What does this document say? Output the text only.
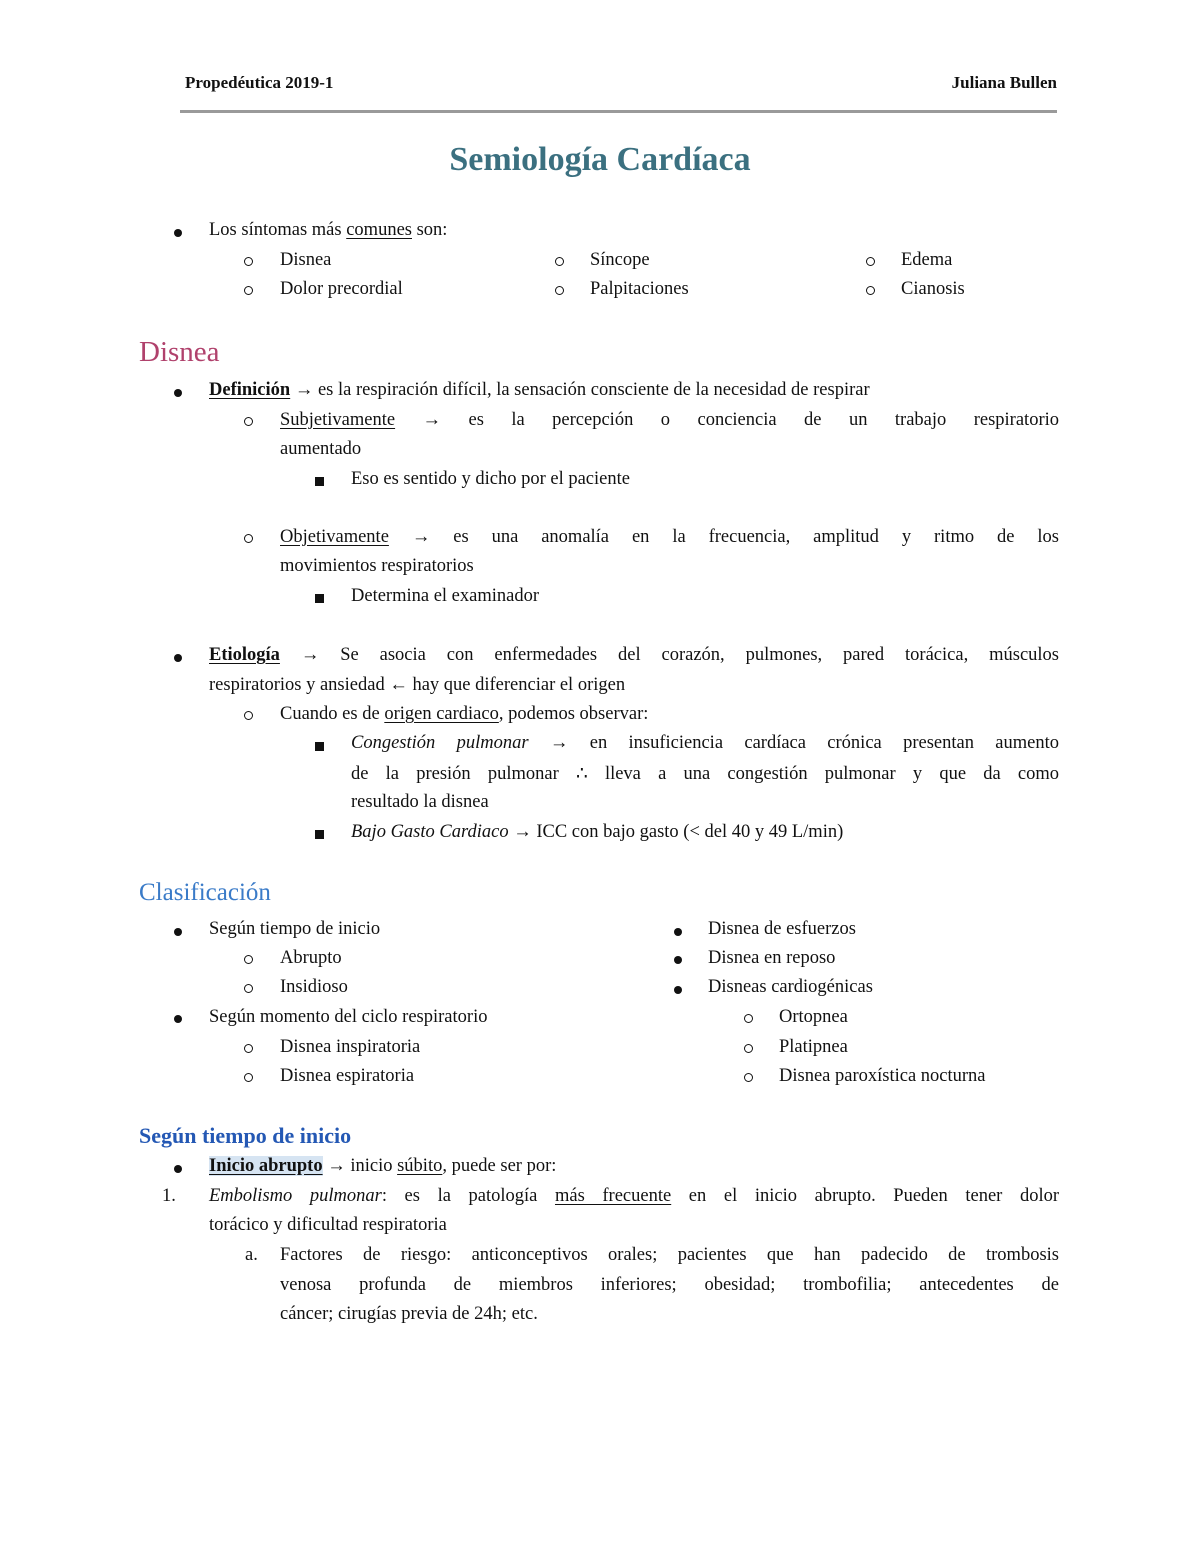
Propedéutica 2019-1	Juliana Bullen
Semiología Cardíaca
Los síntomas más comunes son:
Disnea
Dolor precordial
Síncope
Palpitaciones
Edema
Cianosis
Disnea
Definición → es la respiración difícil, la sensación consciente de la necesidad de respirar
Subjetivamente → es la percepción o conciencia de un trabajo respiratorio
aumentado
Eso es sentido y dicho por el paciente
Objetivamente → es una anomalía en la frecuencia, amplitud y ritmo de los
movimientos respiratorios
Determina el examinador
Etiología → Se asocia con enfermedades del corazón, pulmones, pared torácica, músculos
respiratorios y ansiedad ← hay que diferenciar el origen
Cuando es de origen cardiaco, podemos observar:
Congestión pulmonar → en insuficiencia cardíaca crónica presentan aumento
de la presión pulmonar ∴ lleva a una congestión pulmonar y que da como
resultado la disnea
Bajo Gasto Cardiaco → ICC con bajo gasto (< del 40 y 49 L/min)
Clasificación
Según tiempo de inicio
Abrupto
Insidioso
Según momento del ciclo respiratorio
Disnea inspiratoria
Disnea espiratoria
Disnea de esfuerzos
Disnea en reposo
Disneas cardiogénicas
Ortopnea
Platipnea
Disnea paroxística nocturna
Según tiempo de inicio
Inicio abrupto → inicio súbito, puede ser por:
1. Embolismo pulmonar: es la patología más frecuente en el inicio abrupto. Pueden tener dolor
torácico y dificultad respiratoria
a. Factores de riesgo: anticonceptivos orales; pacientes que han padecido de trombosis
venosa profunda de miembros inferiores; obesidad; trombofilia; antecedentes de
cáncer; cirugías previa de 24h; etc.
